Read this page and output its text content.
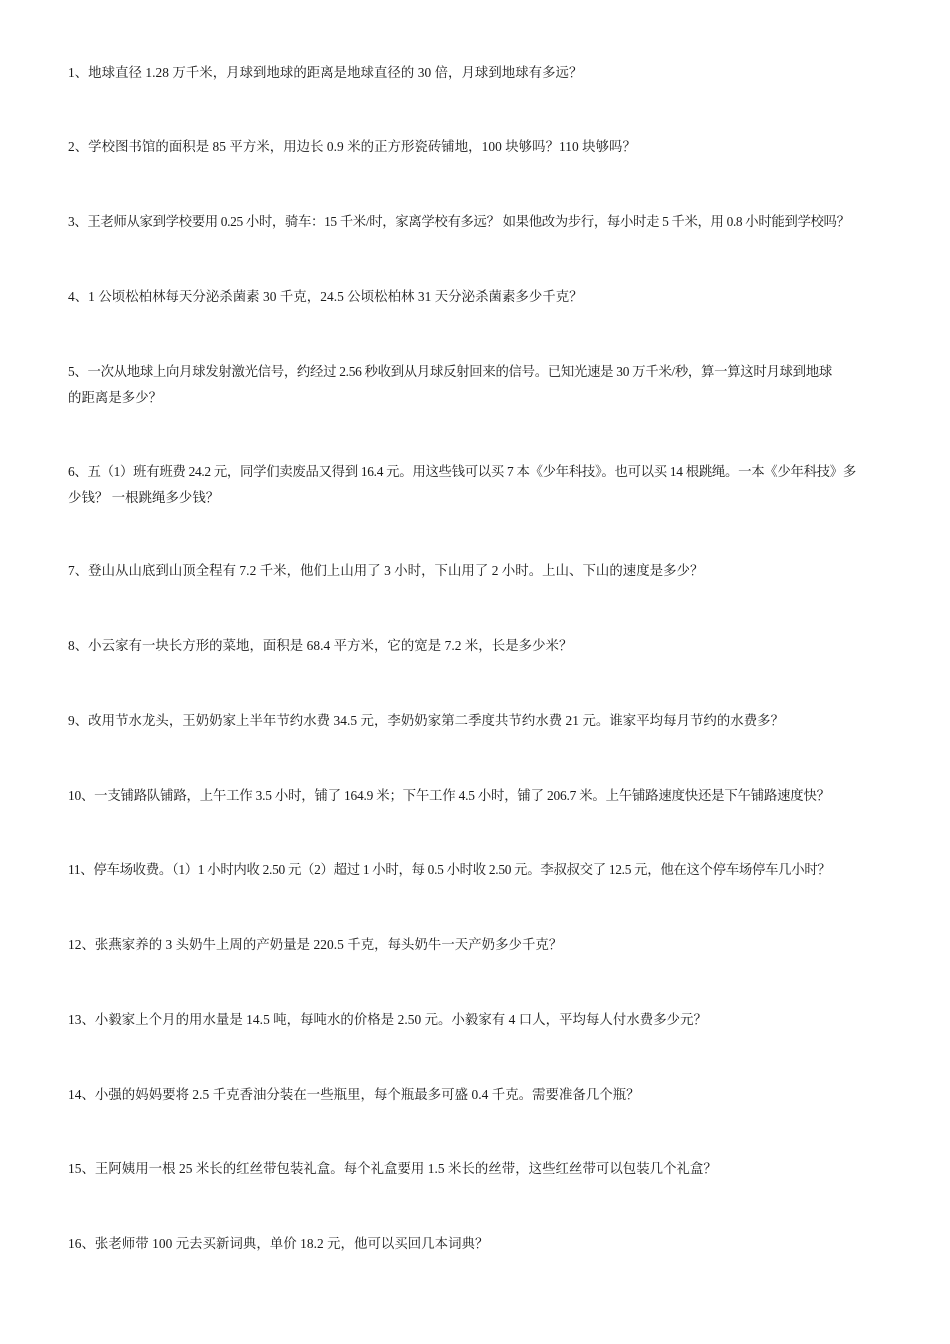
1、地球直径 1.28 万千米，月球到地球的距离是地球直径的 30 倍，月球到地球有多远？

2、学校图书馆的面积是 85 平方米，用边长 0.9 米的正方形瓷砖铺地，100 块够吗？110 块够吗？

3、王老师从家到学校要用 0.25 小时，骑车：15 千米/时，家离学校有多远？ 如果他改为步行，每小时走 5 千米，用 0.8 小时能到学校吗？

4、1 公顷松柏林每天分泌杀菌素 30 千克，24.5 公顷松柏林 31 天分泌杀菌素多少千克？

5、一次从地球上向月球发射激光信号，约经过 2.56 秒收到从月球反射回来的信号。已知光速是 30 万千米/秒，算一算这时月球到地球
的距离是多少？

6、五（1）班有班费 24.2 元，同学们卖废品又得到 16.4 元。用这些钱可以买 7 本《少年科技》。也可以买 14 根跳绳。一本《少年科技》多
少钱？ 一根跳绳多少钱？

7、登山从山底到山顶全程有 7.2 千米，他们上山用了 3 小时，下山用了 2 小时。上山、下山的速度是多少？

8、小云家有一块长方形的菜地，面积是 68.4 平方米，它的宽是 7.2 米，长是多少米？

9、改用节水龙头，王奶奶家上半年节约水费 34.5 元，李奶奶家第二季度共节约水费 21 元。谁家平均每月节约的水费多？

10、一支铺路队铺路，上午工作 3.5 小时，铺了 164.9 米；下午工作 4.5 小时，铺了 206.7 米。上午铺路速度快还是下午铺路速度快？

11、停车场收费。（1）1 小时内收 2.50 元（2）超过 1 小时，每 0.5 小时收 2.50 元。李叔叔交了 12.5 元，他在这个停车场停车几小时？

12、张燕家养的 3 头奶牛上周的产奶量是 220.5 千克，每头奶牛一天产奶多少千克？

13、小毅家上个月的用水量是 14.5 吨，每吨水的价格是 2.50 元。小毅家有 4 口人，平均每人付水费多少元？

14、小强的妈妈要将 2.5 千克香油分装在一些瓶里，每个瓶最多可盛 0.4 千克。需要准备几个瓶？

15、王阿姨用一根 25 米长的红丝带包装礼盒。每个礼盒要用 1.5 米长的丝带，这些红丝带可以包装几个礼盒？

16、张老师带 100 元去买新词典，单价 18.2 元，他可以买回几本词典？
